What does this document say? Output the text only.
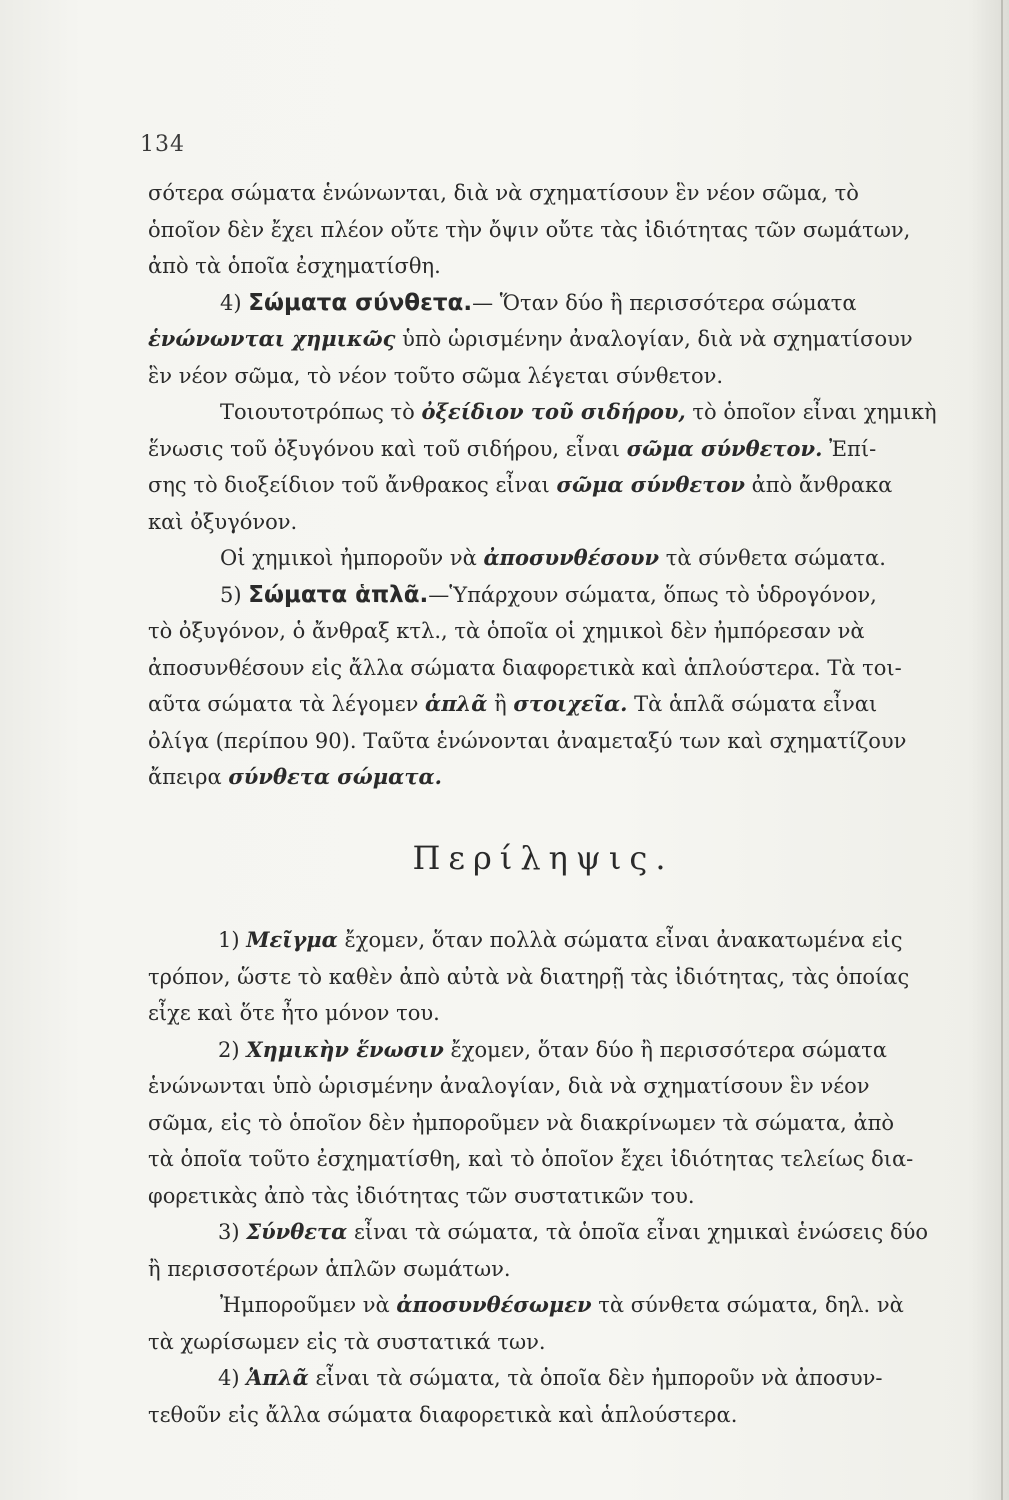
134
σότερα σώματα ἑνώνωνται, διὰ νὰ σχηματίσουν ἓν νέον σῶμα, τὸ
ὁποῖον δὲν ἔχει πλέον οὔτε τὴν ὄψιν οὔτε τὰς ἰδιότητας τῶν σωμάτων,
ἀπὸ τὰ ὁποῖα ἐσχηματίσθη.
4) Σώματα σύνθετα.— Ὅταν δύο ἢ περισσότερα σώματα
ἑνώνωνται χημικῶς ὑπὸ ὡρισμένην ἀναλογίαν, διὰ νὰ σχηματίσουν
ἓν νέον σῶμα, τὸ νέον τοῦτο σῶμα λέγεται σύνθετον.
Τοιουτοτρόπως τὸ ὀξείδιον τοῦ σιδήρου, τὸ ὁποῖον εἶναι χημικὴ
ἕνωσις τοῦ ὀξυγόνου καὶ τοῦ σιδήρου, εἶναι σῶμα σύνθετον. Ἐπί-
σης τὸ διοξείδιον τοῦ ἄνθρακος εἶναι σῶμα σύνθετον ἀπὸ ἄνθρακα
καὶ ὀξυγόνον.
Οἱ χημικοὶ ἠμποροῦν νὰ ἀποσυνθέσουν τὰ σύνθετα σώματα.
5) Σώματα ἁπλᾶ.—Ὑπάρχουν σώματα, ὅπως τὸ ὑδρογόνον,
τὸ ὀξυγόνον, ὁ ἄνθραξ κτλ., τὰ ὁποῖα οἱ χημικοὶ δὲν ἠμπόρεσαν νὰ
ἀποσυνθέσουν εἰς ἄλλα σώματα διαφορετικὰ καὶ ἁπλούστερα. Τὰ τοι-
αῦτα σώματα τὰ λέγομεν ἁπλᾶ ἢ στοιχεῖα. Τὰ ἁπλᾶ σώματα εἶναι
ὀλίγα (περίπου 90). Ταῦτα ἑνώνονται ἀναμεταξύ των καὶ σχηματίζουν
ἄπειρα σύνθετα σώματα.
Περίληψις.
1) Μεῖγμα ἔχομεν, ὅταν πολλὰ σώματα εἶναι ἀνακατωμένα εἰς
τρόπον, ὥστε τὸ καθὲν ἀπὸ αὐτὰ νὰ διατηρῇ τὰς ἰδιότητας, τὰς ὁποίας
εἶχε καὶ ὅτε ἦτο μόνον του.
2) Χημικὴν ἕνωσιν ἔχομεν, ὅταν δύο ἢ περισσότερα σώματα
ἑνώνωνται ὑπὸ ὡρισμένην ἀναλογίαν, διὰ νὰ σχηματίσουν ἓν νέον
σῶμα, εἰς τὸ ὁποῖον δὲν ἠμποροῦμεν νὰ διακρίνωμεν τὰ σώματα, ἀπὸ
τὰ ὁποῖα τοῦτο ἐσχηματίσθη, καὶ τὸ ὁποῖον ἔχει ἰδιότητας τελείως δια-
φορετικὰς ἀπὸ τὰς ἰδιότητας τῶν συστατικῶν του.
3) Σύνθετα εἶναι τὰ σώματα, τὰ ὁποῖα εἶναι χημικαὶ ἑνώσεις δύο
ἢ περισσοτέρων ἁπλῶν σωμάτων.
Ἠμποροῦμεν νὰ ἀποσυνθέσωμεν τὰ σύνθετα σώματα, δηλ. νὰ
τὰ χωρίσωμεν εἰς τὰ συστατικά των.
4) Ἁπλᾶ εἶναι τὰ σώματα, τὰ ὁποῖα δὲν ἠμποροῦν νὰ ἀποσυν-
τεθοῦν εἰς ἄλλα σώματα διαφορετικὰ καὶ ἁπλούστερα.
